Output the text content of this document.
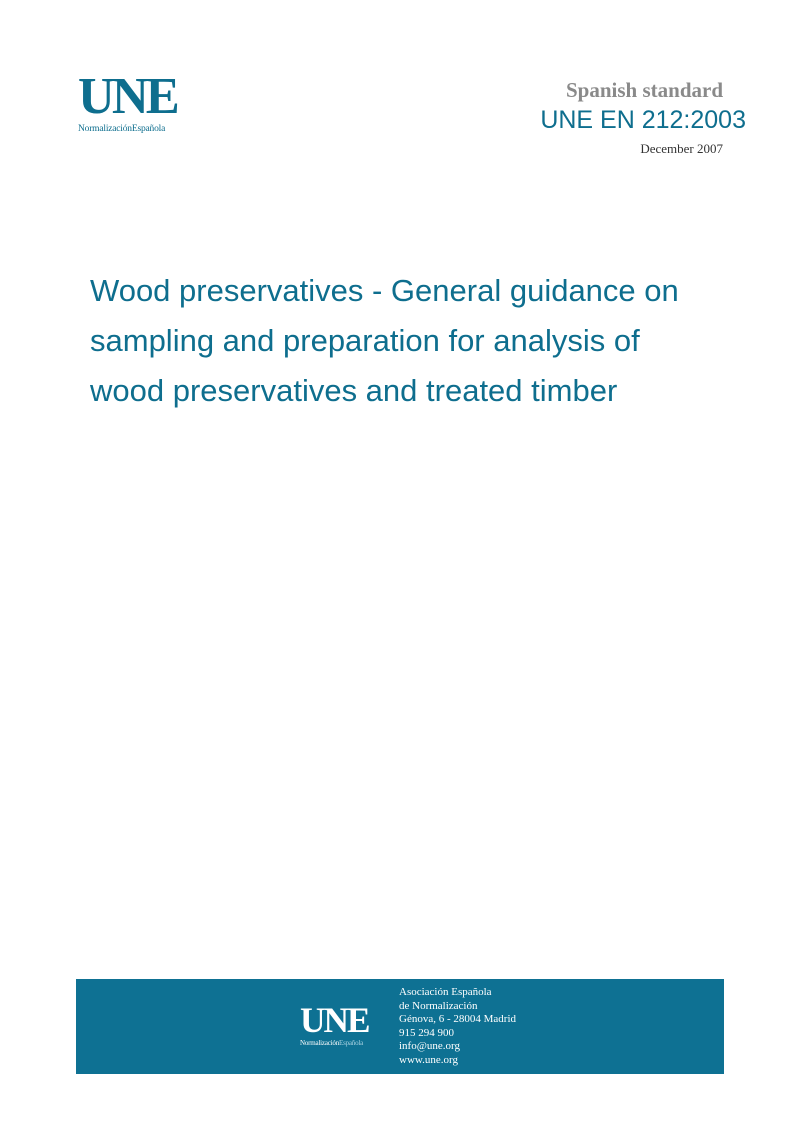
UNE
NormalizaciónEspañola
Spanish standard
UNE EN 212:2003
December 2007
Wood preservatives - General guidance on
sampling and preparation for analysis of
wood preservatives and treated timber
UNE
NormalizaciónEspañola
Asociación Española
de Normalización
Génova, 6 - 28004 Madrid
915 294 900
info@une.org
www.une.org
